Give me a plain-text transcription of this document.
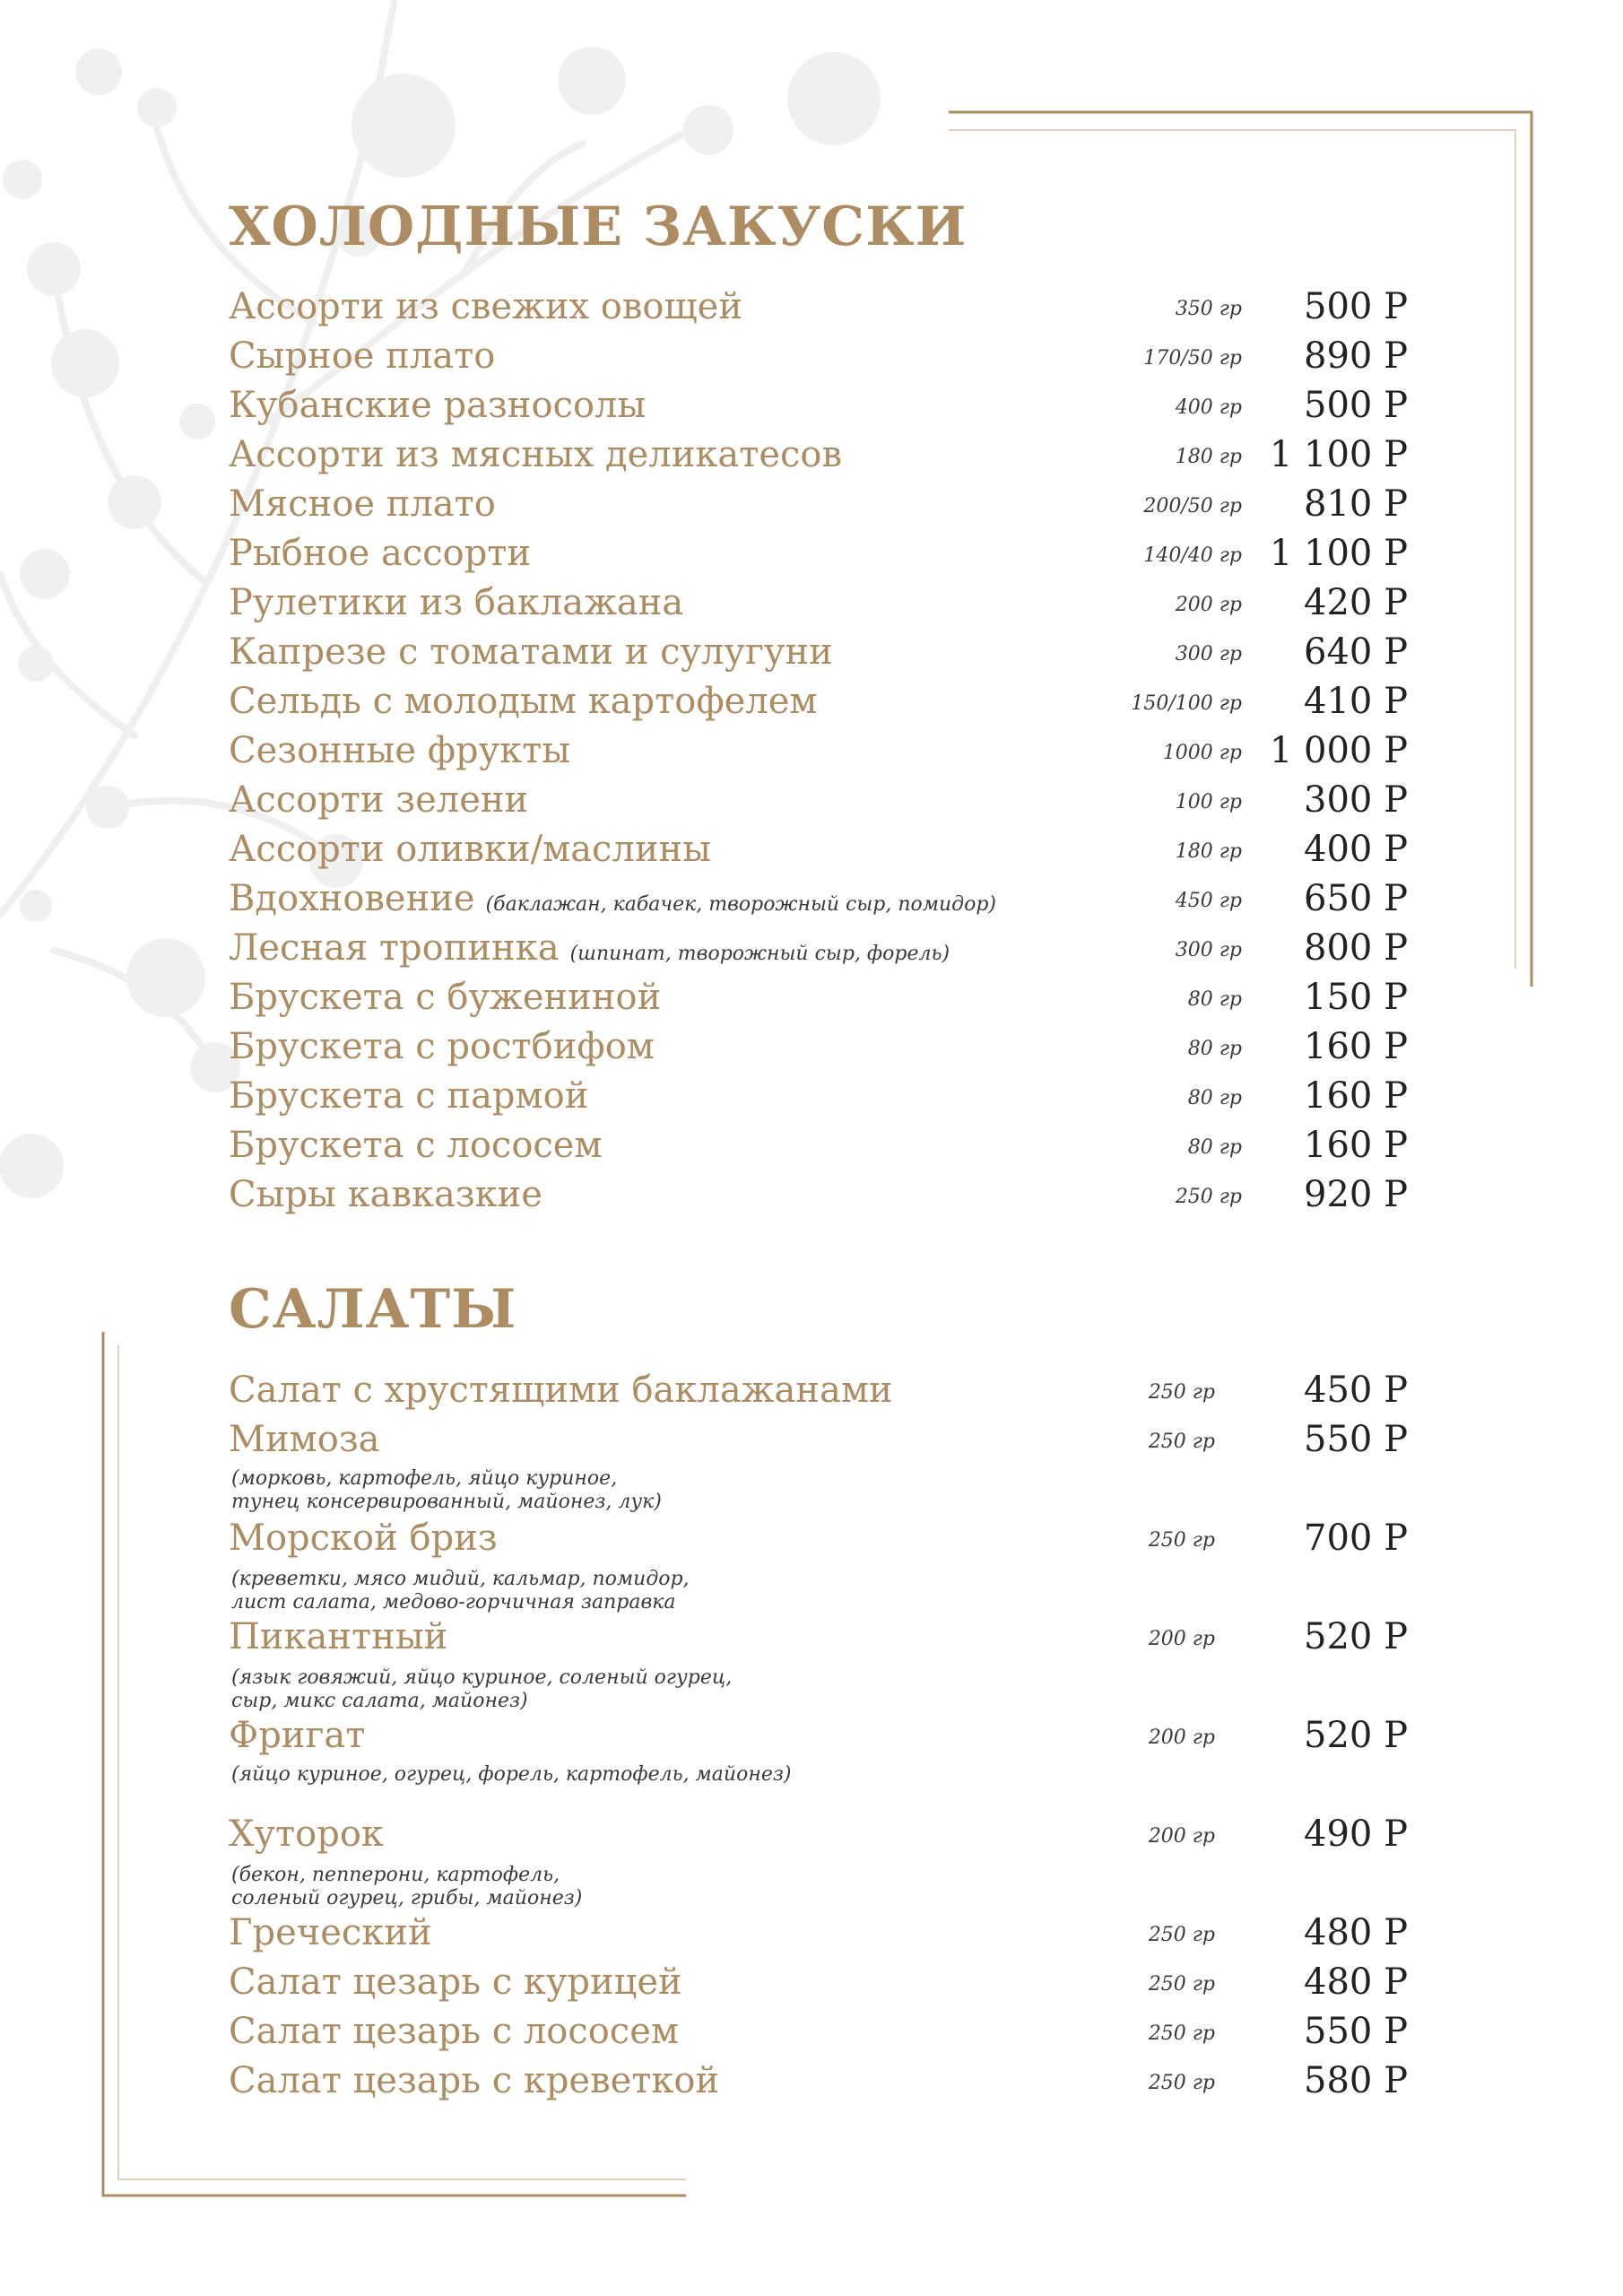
ХОЛОДНЫЕ ЗАКУСКИ
Ассорти из свежих овощей	350 гр	500 Р
Сырное плато	170/50 гр	890 Р
Кубанские разносолы	400 гр	500 Р
Ассорти из мясных деликатесов	180 гр 1 100 Р
Мясное плато	200/50 гр	810 Р
Рыбное ассорти	140/40 гр 1 100 Р
Рулетики из баклажана	200 гр	420 Р
Капрезе с томатами и сулугуни	300 гр	640 Р
Сельдь с молодым картофелем	150/100 гр	410 Р
Сезонные фрукты	1000 гр 1 000 Р
Ассорти зелени	100 гр	300 Р
Ассорти оливки/маслины	180 гр	400 Р
Вдохновение (баклажан, кабачек, творожный сыр, помидор)	450 гр	650 Р
Лесная тропинка (шпинат, творожный сыр, форель)	300 гр	800 Р
Брускета с бужениной	80 гр	150 Р
Брускета с ростбифом	80 гр	160 Р
Брускета с пармой	80 гр	160 Р
Брускета с лососем	80 гр	160 Р
Сыры кавказкие	250 гр	920 Р
САЛАТЫ
Салат с хрустящими баклажанами	250 гр	450 Р
Мимоза	250 гр	550 Р
(морковь, картофель, яйцо куриное,
тунец консервированный, майонез, лук)
Морской бриз	250 гр	700 Р
(креветки, мясо мидий, кальмар, помидор,
лист салата, медово-горчичная заправка
Пикантный	200 гр	520 Р
(язык говяжий, яйцо куриное, соленый огурец,
сыр, микс салата, майонез)
Фригат	200 гр	520 Р
(яйцо куриное, огурец, форель, картофель, майонез)
Хуторок	200 гр	490 Р
(бекон, пепперони, картофель,
соленый огурец, грибы, майонез)
Греческий	250 гр	480 Р
Салат цезарь с курицей	250 гр	480 Р
Салат цезарь с лососем	250 гр	550 Р
Салат цезарь с креветкой	250 гр	580 Р
